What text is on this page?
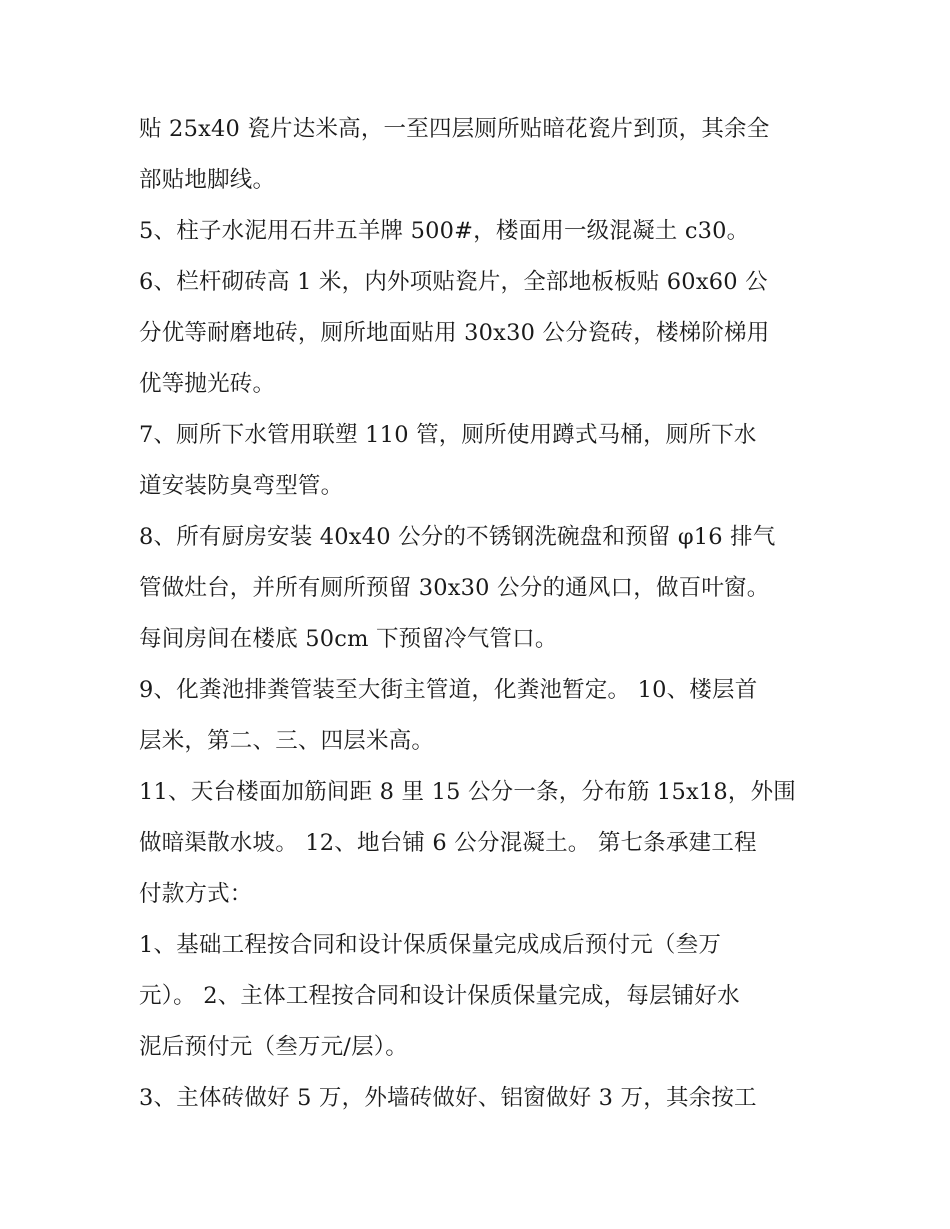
贴 25x40 瓷片达米高，一至四层厕所贴暗花瓷片到顶，其余全
部贴地脚线。
5、柱子水泥用石井五羊牌 500#，楼面用一级混凝土 c30。
6、栏杆砌砖高 1 米，内外项贴瓷片，全部地板板贴 60x60 公
分优等耐磨地砖，厕所地面贴用 30x30 公分瓷砖，楼梯阶梯用
优等抛光砖。
7、厕所下水管用联塑 110 管，厕所使用蹲式马桶，厕所下水
道安装防臭弯型管。
8、所有厨房安装 40x40 公分的不锈钢洗碗盘和预留 φ16 排气
管做灶台，并所有厕所预留 30x30 公分的通风口，做百叶窗。
每间房间在楼底 50cm 下预留冷气管口。
9、化粪池排粪管装至大街主管道，化粪池暂定。 10、楼层首
层米，第二、三、四层米高。
11、天台楼面加筋间距 8 里 15 公分一条，分布筋 15x18，外围
做暗渠散水坡。 12、地台铺 6 公分混凝土。 第七条承建工程
付款方式：
1、基础工程按合同和设计保质保量完成成后预付元（叁万
元）。 2、主体工程按合同和设计保质保量完成，每层铺好水
泥后预付元（叁万元/层）。
3、主体砖做好 5 万，外墙砖做好、铝窗做好 3 万，其余按工
